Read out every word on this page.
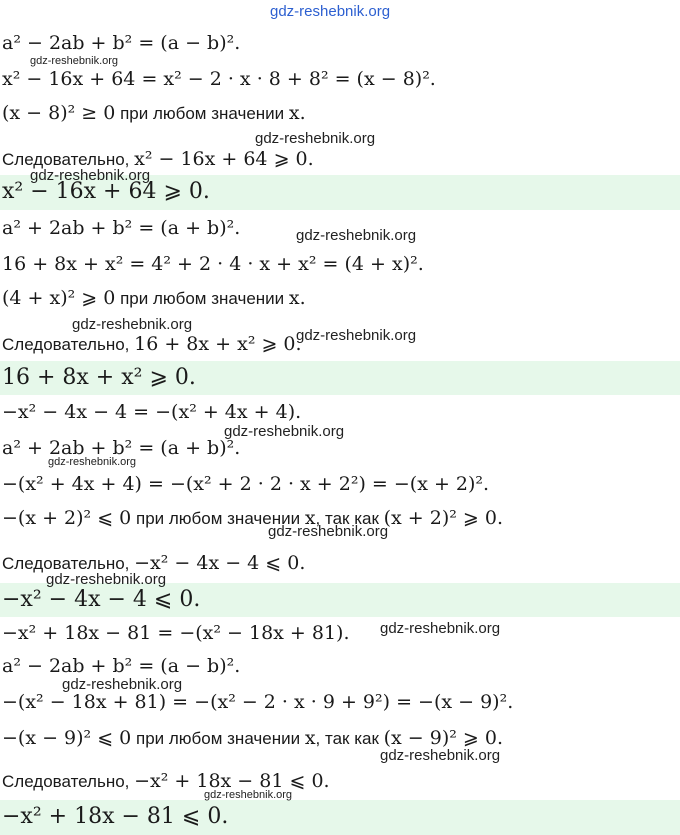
gdz-reshebnik.org
a² − 2ab + b² = (a − b)².
x² − 16x + 64 = x² − 2 · x · 8 + 8² = (x − 8)².
(x − 8)² ≥ 0 при любом значении x.
Следовательно, x² − 16x + 64 ⩾ 0.
x² − 16x + 64 ⩾ 0.
a² + 2ab + b² = (a + b)².
16 + 8x + x² = 4² + 2 · 4 · x + x² = (4 + x)².
(4 + x)² ⩾ 0 при любом значении x.
Следовательно, 16 + 8x + x² ⩾ 0.
16 + 8x + x² ⩾ 0.
−x² − 4x − 4 = −(x² + 4x + 4).
a² + 2ab + b² = (a + b)².
−(x² + 4x + 4) = −(x² + 2 · 2 · x + 2²) = −(x + 2)².
−(x + 2)² ⩽ 0 при любом значении x, так как (x + 2)² ⩾ 0.
Следовательно, −x² − 4x − 4 ⩽ 0.
−x² − 4x − 4 ⩽ 0.
−x² + 18x − 81 = −(x² − 18x + 81).
a² − 2ab + b² = (a − b)².
−(x² − 18x + 81) = −(x² − 2 · x · 9 + 9²) = −(x − 9)².
−(x − 9)² ⩽ 0 при любом значении x, так как (x − 9)² ⩾ 0.
Следовательно, −x² + 18x − 81 ⩽ 0.
−x² + 18x − 81 ⩽ 0.
gdz-reshebnik.org
gdz-reshebnik.org
gdz-reshebnik.org
gdz-reshebnik.org
gdz-reshebnik.org
gdz-reshebnik.org
gdz-reshebnik.org
gdz-reshebnik.org
gdz-reshebnik.org
gdz-reshebnik.org
gdz-reshebnik.org
gdz-reshebnik.org
gdz-reshebnik.org
gdz-reshebnik.org
